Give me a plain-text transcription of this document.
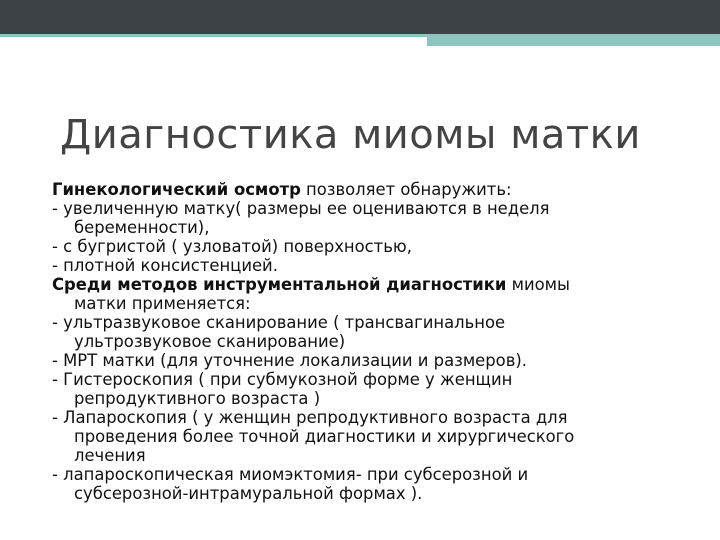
Диагностика миомы матки
Гинекологический осмотр позволяет обнаружить:
- увеличенную матку( размеры ее оцениваются в неделя
беременности),
- с бугристой ( узловатой) поверхностью,
- плотной консистенцией.
Среди методов инструментальной диагностики миомы
матки применяется:
- ультразвуковое сканирование ( трансвагинальное
ультрозвуковое сканирование)
- МРТ матки (для уточнение локализации и размеров).
- Гистероскопия ( при субмукозной форме у женщин
репродуктивного возраста )
- Лапароскопия ( у женщин репродуктивного возраста для
проведения более точной диагностики и хирургического
лечения
- лапароскопическая миомэктомия- при субсерозной и
субсерозной-интрамуральной формах ).
